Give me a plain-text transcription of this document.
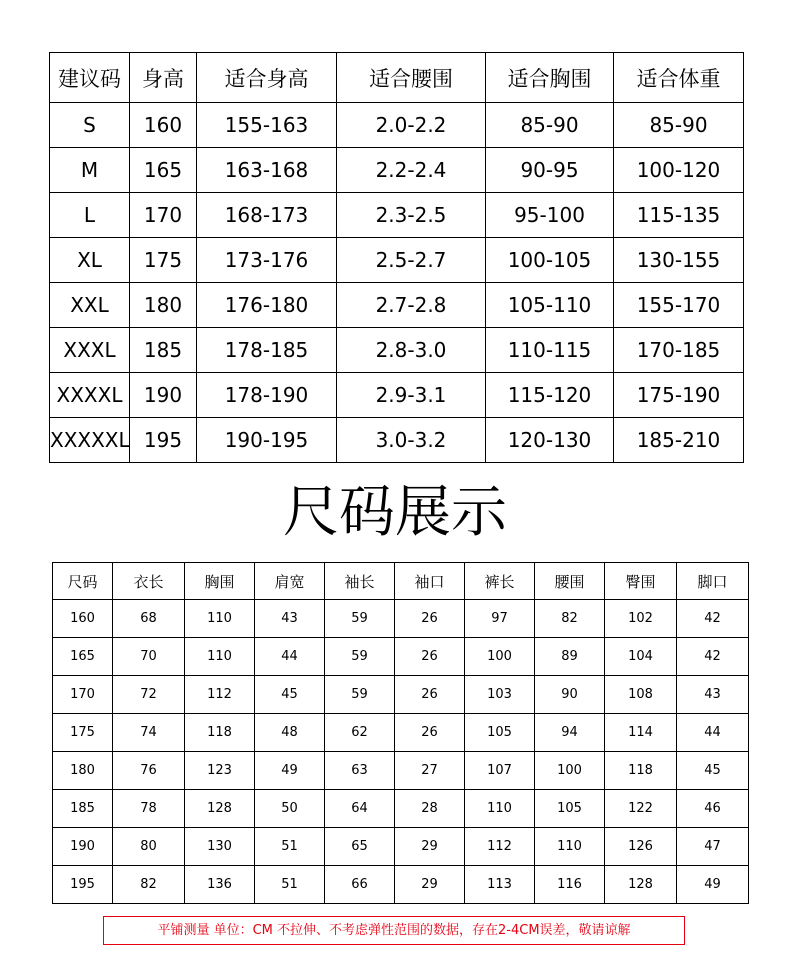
建议码	身高	适合身高	适合腰围	适合胸围	适合体重
S	160	155-163	2.0-2.2	85-90	85-90
M	165	163-168	2.2-2.4	90-95	100-120
L	170	168-173	2.3-2.5	95-100	115-135
XL	175	173-176	2.5-2.7	100-105	130-155
XXL	180	176-180	2.7-2.8	105-110	155-170
XXXL	185	178-185	2.8-3.0	110-115	170-185
XXXXL	190	178-190	2.9-3.1	115-120	175-190
XXXXXL	195	190-195	3.0-3.2	120-130	185-210
尺码展示
尺码	衣长	胸围	肩宽	袖长	袖口	裤长	腰围	臀围	脚口
160	68	110	43	59	26	97	82	102	42
165	70	110	44	59	26	100	89	104	42
170	72	112	45	59	26	103	90	108	43
175	74	118	48	62	26	105	94	114	44
180	76	123	49	63	27	107	100	118	45
185	78	128	50	64	28	110	105	122	46
190	80	130	51	65	29	112	110	126	47
195	82	136	51	66	29	113	116	128	49
平铺测量 单位：CM 不拉伸、不考虑弹性范围的数据，存在2-4CM误差，敬请谅解
